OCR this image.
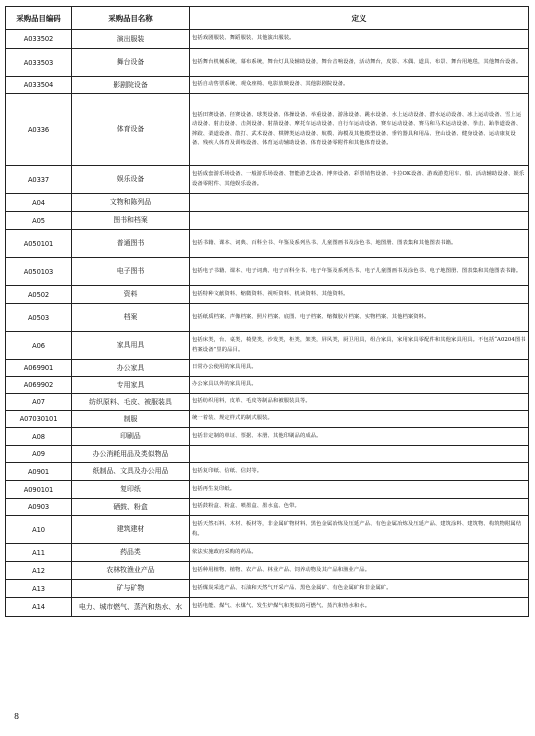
采购品目编码	采购品目名称	定义
A033502	演出服装	包括戏剧服装、舞蹈服装、其他演出服装。
A033503	舞台设备	包括舞台机械系统，幕布系统，舞台灯具及辅助设备，舞台音响设备，活动舞台，皮影、木偶、道具、布景、舞台用地毯，其他舞台设备。
A033504	影剧院设备	包括自动售票系统、观众座椅、电影放映设备、其他影剧院设备。
A0336	体育设备	包括田赛设备、径赛设备、球类设备、体操设备、举重设备、游泳设备、跳水设备、水上运动设备、潜水运动设备、冰上运动设备、雪上运动设备、射击设备、击剑设备、射箭设备、摩托车运动设备、自行车运动设备、赛车运动设备、赛马和马术运动设备、拳击、跆拳道设备、摔跤、柔道设备、散打、武术设备、棋牌类运动设备、航模、海模及其他模型设备、垂钓器具和用品、登山设备、健身设备、运动康复设备、残疾人体育及训练设备、体育运动辅助设备、体育设备零附件和其他体育设备。
A0337	娱乐设备	包括成套游乐场设备、一般游乐场设备、智能游艺设备、博弈设备、彩票销售设备、卡拉OK设备、游戏游览用车、船、活动辅助设备、娱乐设备零附件、其他娱乐设备。
A04	文物和陈列品	
A05	图书和档案	
A050101	普通图书	包括书籍、课本、词典、百科全书、年鉴及系列丛书、儿童图画书及涂色书、地图册、图表集和其他图表书籍。
A050103	电子图书	包括电子书籍、课本、电子词典、电子百科全书、电子年鉴及系列丛书、电子儿童图画书及涂色书、电子地图册、图表集和其他图表书籍。
A0502	资料	包括特种文献资料、缩微资料、视听资料、机读资料、其他资料。
A0503	档案	包括纸质档案、声像档案、照片档案、底图、电子档案、缩微胶片档案、实物档案、其他档案资料。
A06	家具用具	包括床类，台、桌类，椅凳类，沙发类，柜类，架类，屏风类，厨卫用具，组合家具，家用家具零配件和其他家具用具。不包括“A0204图书档案设备”里的品目。
A069901	办公家具	日常办公使用的家具用具。
A069902	专用家具	办公家具以外的家具用具。
A07	纺织原料、毛皮、被服装具	包括纺织用料，皮革、毛皮等制品和被服装具等。
A07030101	制服	统一着装、规定样式的制式服装。
A08	印刷品	包括非定制的单证、票据、本册、其他印刷品的成品。
A09	办公消耗用品及类似物品	
A0901	纸制品、文具及办公用品	包括复印纸、信纸、信封等。
A090101	复印纸	包括再生复印纸。
A0903	硒鼓、粉盒	包括鼓粉盒、粉盒、喷墨盒、墨水盒、色带。
A10	建筑建材	包括天然石料、木材、板材等，非金属矿物材料、黑色金属冶炼及压延产品、有色金属冶炼及压延产品、建筑涂料、建筑物、构筑物附属结构。
A11	药品类	依法实施政府采购的药品。
A12	农林牧渔业产品	包括种用植物、植物、农产品、林业产品、饲养动物及其产品和渔业产品。
A13	矿与矿物	包括煤炭采选产品、石油和天然气开采产品、黑色金属矿、有色金属矿和非金属矿。
A14	电力、城市燃气、蒸汽和热水、水	包括电能、煤气、水煤气、发生炉煤气和类似的可燃气、蒸汽和热水和水。
8
